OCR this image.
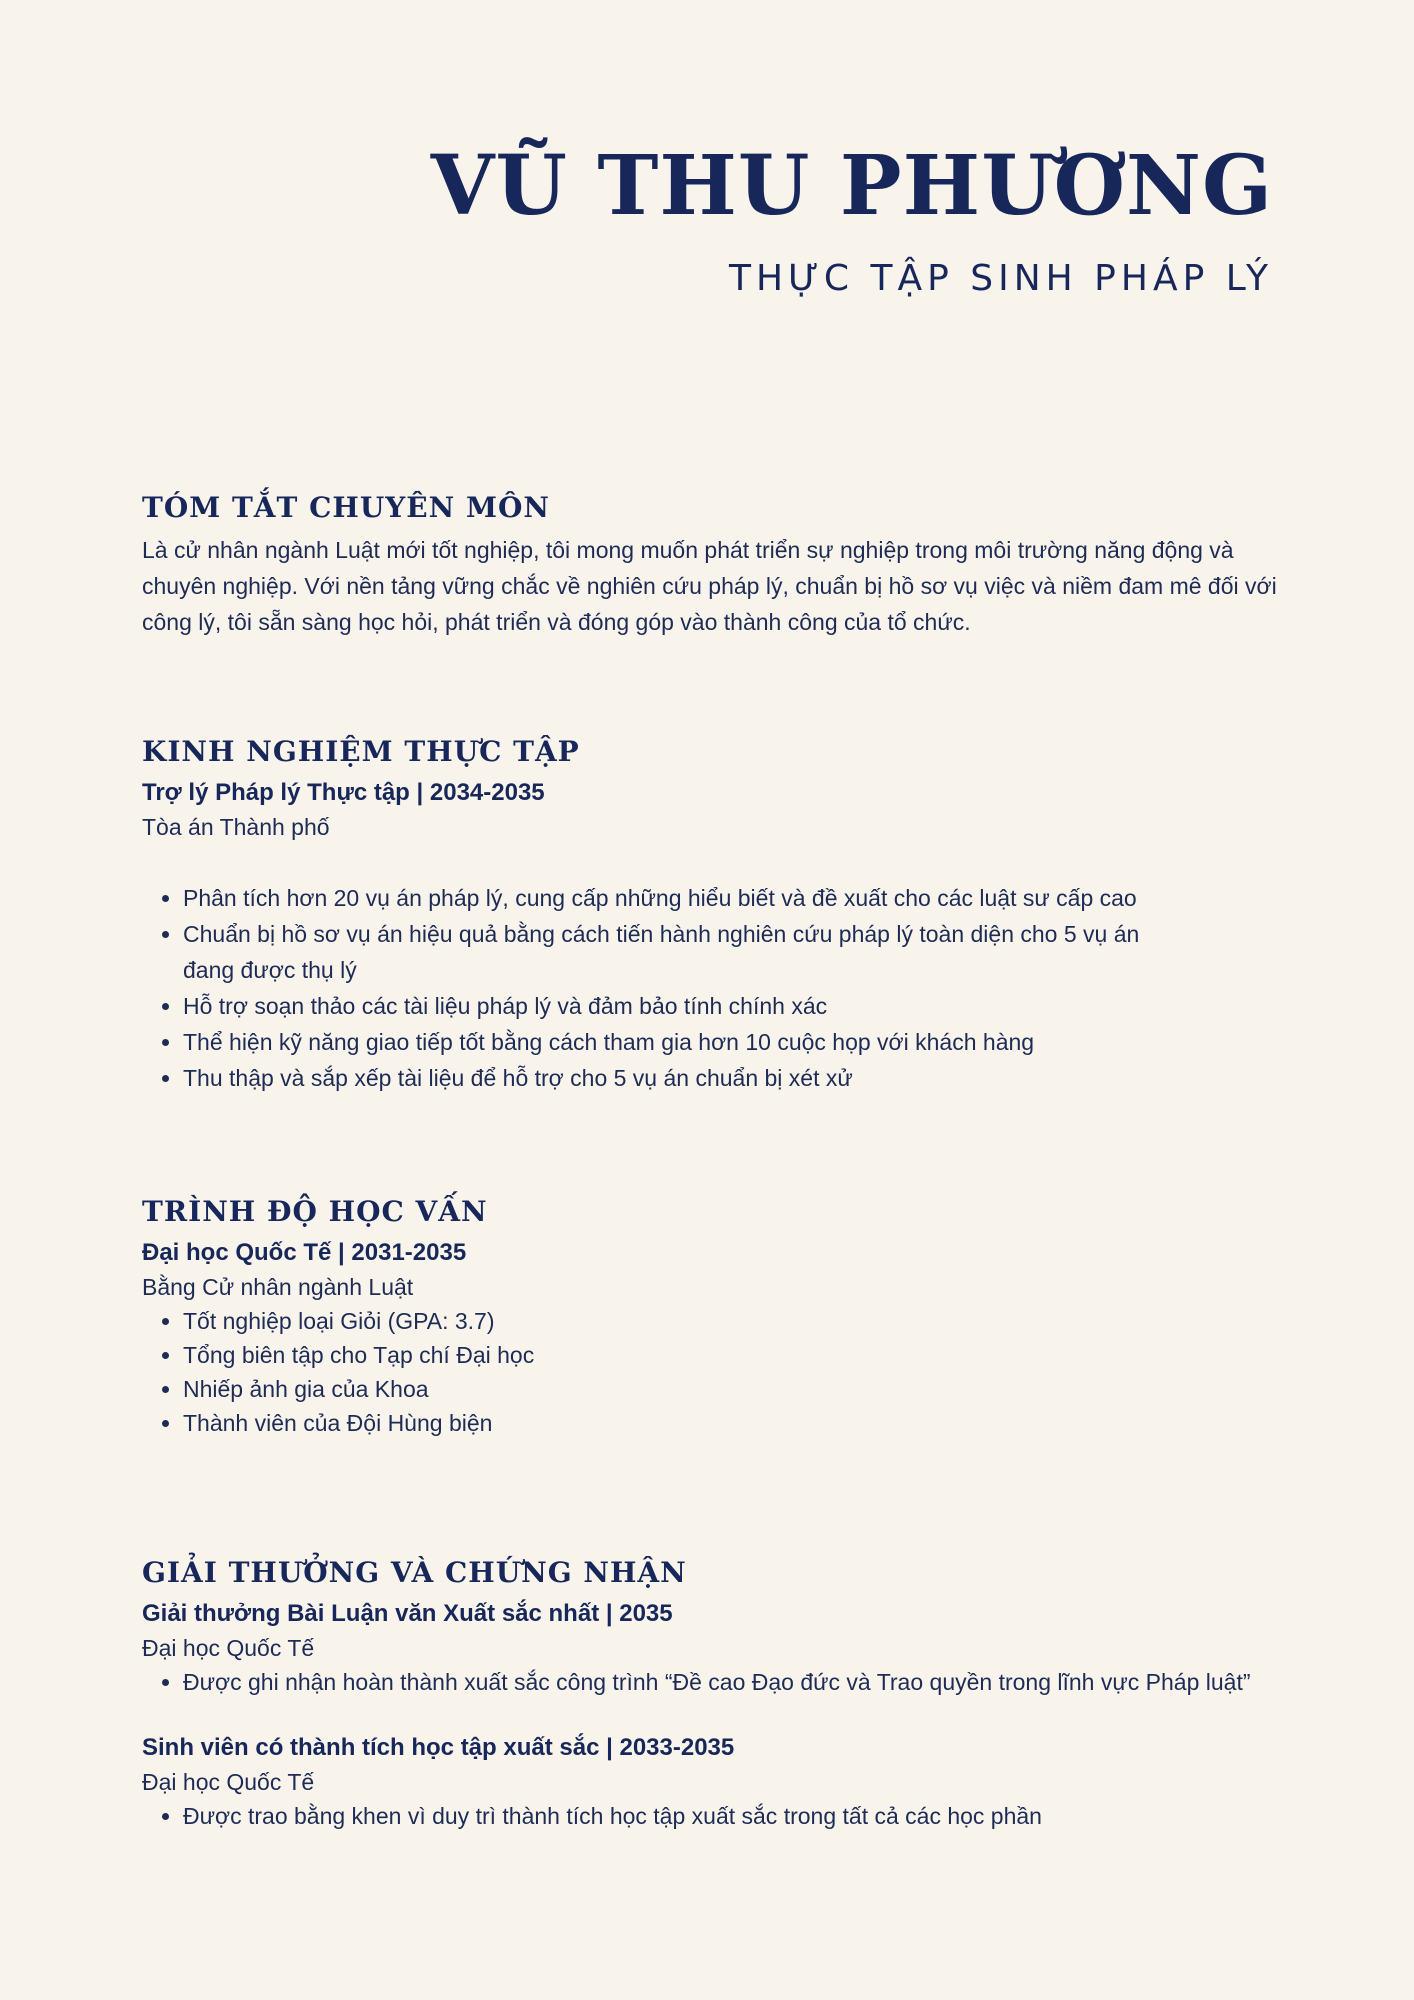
VŨ THU PHƯƠNG
THỰC TẬP SINH PHÁP LÝ
TÓM TẮT CHUYÊN MÔN

Là cử nhân ngành Luật mới tốt nghiệp, tôi mong muốn phát triển sự nghiệp trong môi trường năng động và chuyên nghiệp. Với nền tảng vững chắc về nghiên cứu pháp lý, chuẩn bị hồ sơ vụ việc và niềm đam mê đối với công lý, tôi sẵn sàng học hỏi, phát triển và đóng góp vào thành công của tổ chức.

KINH NGHIỆM THỰC TẬP

Trợ lý Pháp lý Thực tập | 2034-2035

Tòa án Thành phố

• Phân tích hơn 20 vụ án pháp lý, cung cấp những hiểu biết và đề xuất cho các luật sư cấp cao
• Chuẩn bị hồ sơ vụ án hiệu quả bằng cách tiến hành nghiên cứu pháp lý toàn diện cho 5 vụ án đang được thụ lý
• Hỗ trợ soạn thảo các tài liệu pháp lý và đảm bảo tính chính xác
• Thể hiện kỹ năng giao tiếp tốt bằng cách tham gia hơn 10 cuộc họp với khách hàng
• Thu thập và sắp xếp tài liệu để hỗ trợ cho 5 vụ án chuẩn bị xét xử
TRÌNH ĐỘ HỌC VẤN

Đại học Quốc Tế | 2031-2035

Bằng Cử nhân ngành Luật

• Tốt nghiệp loại Giỏi (GPA: 3.7)
• Tổng biên tập cho Tạp chí Đại học
• Nhiếp ảnh gia của Khoa
• Thành viên của Đội Hùng biện
GIẢI THƯỞNG VÀ CHỨNG NHẬN

Giải thưởng Bài Luận văn Xuất sắc nhất | 2035

Đại học Quốc Tế

• Được ghi nhận hoàn thành xuất sắc công trình “Đề cao Đạo đức và Trao quyền trong lĩnh vực Pháp luật”

Sinh viên có thành tích học tập xuất sắc | 2033-2035

Đại học Quốc Tế

• Được trao bằng khen vì duy trì thành tích học tập xuất sắc trong tất cả các học phần
